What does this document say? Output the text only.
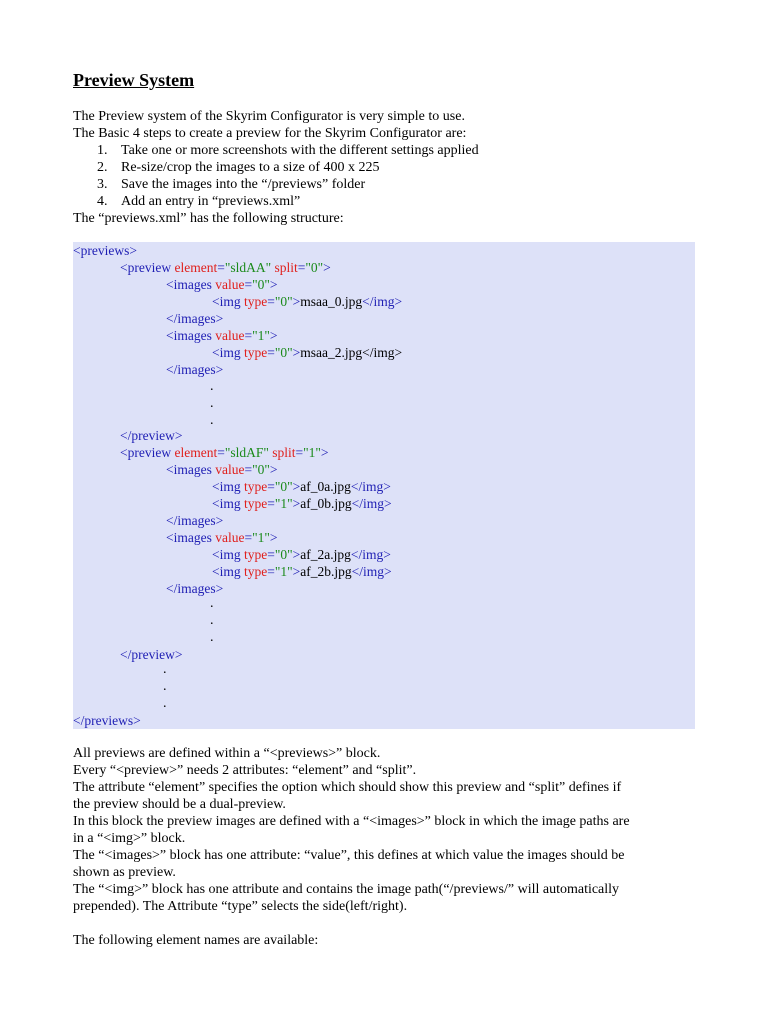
Preview System
The Preview system of the Skyrim Configurator is very simple to use.
The Basic 4 steps to create a preview for the Skyrim Configurator are:
1. Take one or more screenshots with the different settings applied
2. Re-size/crop the images to a size of 400 x 225
3. Save the images into the “/previews” folder
4. Add an entry in “previews.xml”
The “previews.xml” has the following structure:
<previews>
<preview element="sldAA" split="0">
<images value="0">
<img type="0">msaa_0.jpg</img>
</images>
<images value="1">
<img type="0">msaa_2.jpg</img>
</images>
.
.
.
</preview>
<preview element="sldAF" split="1">
<images value="0">
<img type="0">af_0a.jpg</img>
<img type="1">af_0b.jpg</img>
</images>
<images value="1">
<img type="0">af_2a.jpg</img>
<img type="1">af_2b.jpg</img>
</images>
.
.
.
</preview>
.
.
.
</previews>
All previews are defined within a “<previews>” block.
Every “<preview>” needs 2 attributes: “element” and “split”.
The attribute “element” specifies the option which should show this preview and “split” defines if
the preview should be a dual-preview.
In this block the preview images are defined with a “<images>” block in which the image paths are
in a “<img>” block.
The “<images>” block has one attribute: “value”, this defines at which value the images should be
shown as preview.
The “<img>” block has one attribute and contains the image path(“/previews/” will automatically
prepended). The Attribute “type” selects the side(left/right).
The following element names are available:
